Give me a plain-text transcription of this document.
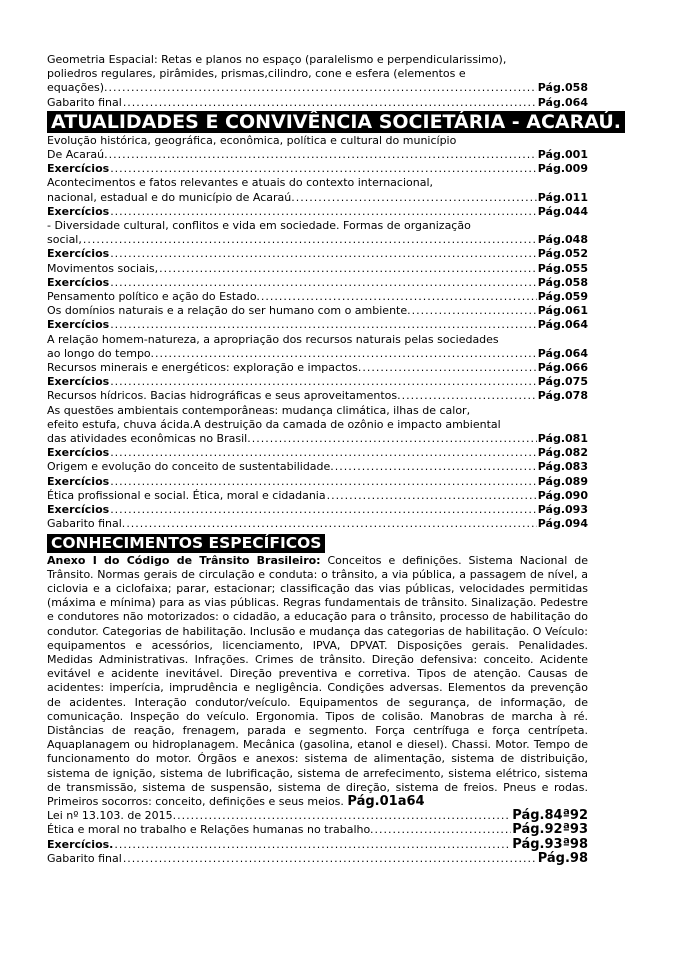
Geometria Espacial: Retas e planos no espaço (paralelismo e perpendicularissimo),
poliedros regulares, pirâmides, prismas,cilindro, cone e esfera (elementos e
equações). .....	Pág.058
Gabarito final .....	Pág.064
ATUALIDADES E CONVIVÊNCIA SOCIETÁRIA - ACARAÚ.
Evolução histórica, geográfica, econômica, política e cultural do município
De Acaraú. .....	Pág.001
Exercícios .....	Pág.009
Acontecimentos e fatos relevantes e atuais do contexto internacional,
nacional, estadual e do município de Acaraú. .....	Pág.011
Exercícios .....	Pág.044
- Diversidade cultural, conflitos e vida em sociedade. Formas de organização
social, .....	Pág.048
Exercícios .....	Pág.052
Movimentos sociais, .....	Pág.055
Exercícios .....	Pág.058
Pensamento político e ação do Estado. .....	Pág.059
Os domínios naturais e a relação do ser humano com o ambiente. .....	Pág.061
Exercícios .....	Pág.064
A relação homem-natureza, a apropriação dos recursos naturais pelas sociedades
ao longo do tempo. .....	Pág.064
Recursos minerais e energéticos: exploração e impactos. .....	Pág.066
Exercícios .....	Pág.075
Recursos hídricos. Bacias hidrográficas e seus aproveitamentos. .....	Pág.078
As questões ambientais contemporâneas: mudança climática, ilhas de calor,
efeito estufa, chuva ácida.A destruição da camada de ozônio e impacto ambiental
das atividades econômicas no Brasil. .....	Pág.081
Exercícios .....	Pág.082
Origem e evolução do conceito de sustentabilidade. .....	Pág.083
Exercícios .....	Pág.089
Ética profissional e social. Ética, moral e cidadania .....	Pág.090
Exercícios .....	Pág.093
Gabarito final. .....	Pág.094
CONHECIMENTOS ESPECÍFICOS
Anexo I do Código de Trânsito Brasileiro: Conceitos e definições. Sistema Nacional de Trânsito. Normas gerais de circulação e conduta: o trânsito, a via pública, a passagem de nível, a ciclovia e a ciclofaixa; parar, estacionar; classificação das vias públicas, velocidades permitidas (máxima e mínima) para as vias públicas. Regras fundamentais de trânsito. Sinalização. Pedestre e condutores não motorizados: o cidadão, a educação para o trânsito, processo de habilitação do condutor. Categorias de habilitação. Inclusão e mudança das categorias de habilitação. O Veículo: equipamentos e acessórios, licenciamento, IPVA, DPVAT. Disposições gerais. Penalidades. Medidas Administrativas. Infrações. Crimes de trânsito. Direção defensiva: conceito. Acidente evitável e acidente inevitável. Direção preventiva e corretiva. Tipos de atenção. Causas de acidentes: imperícia, imprudência e negligência. Condições adversas. Elementos da prevenção de acidentes. Interação condutor/veículo. Equipamentos de segurança, de informação, de comunicação. Inspeção do veículo. Ergonomia. Tipos de colisão. Manobras de marcha à ré. Distâncias de reação, frenagem, parada e segmento. Força centrífuga e força centrípeta. Aquaplanagem ou hidroplanagem. Mecânica (gasolina, etanol e diesel). Chassi. Motor. Tempo de funcionamento do motor. Órgãos e anexos: sistema de alimentação, sistema de distribuição, sistema de ignição, sistema de lubrificação, sistema de arrefecimento, sistema elétrico, sistema de transmissão, sistema de suspensão, sistema de direção, sistema de freios. Pneus e rodas. Primeiros socorros: conceito, definições e seus meios. Pág.01a64
Lei nº 13.103. de 2015. .....	Pág.84ª92
Ética e moral no trabalho e Relações humanas no trabalho. .....	Pág.92ª93
Exercícios. .....	Pág.93ª98
Gabarito final .....	Pág.98
